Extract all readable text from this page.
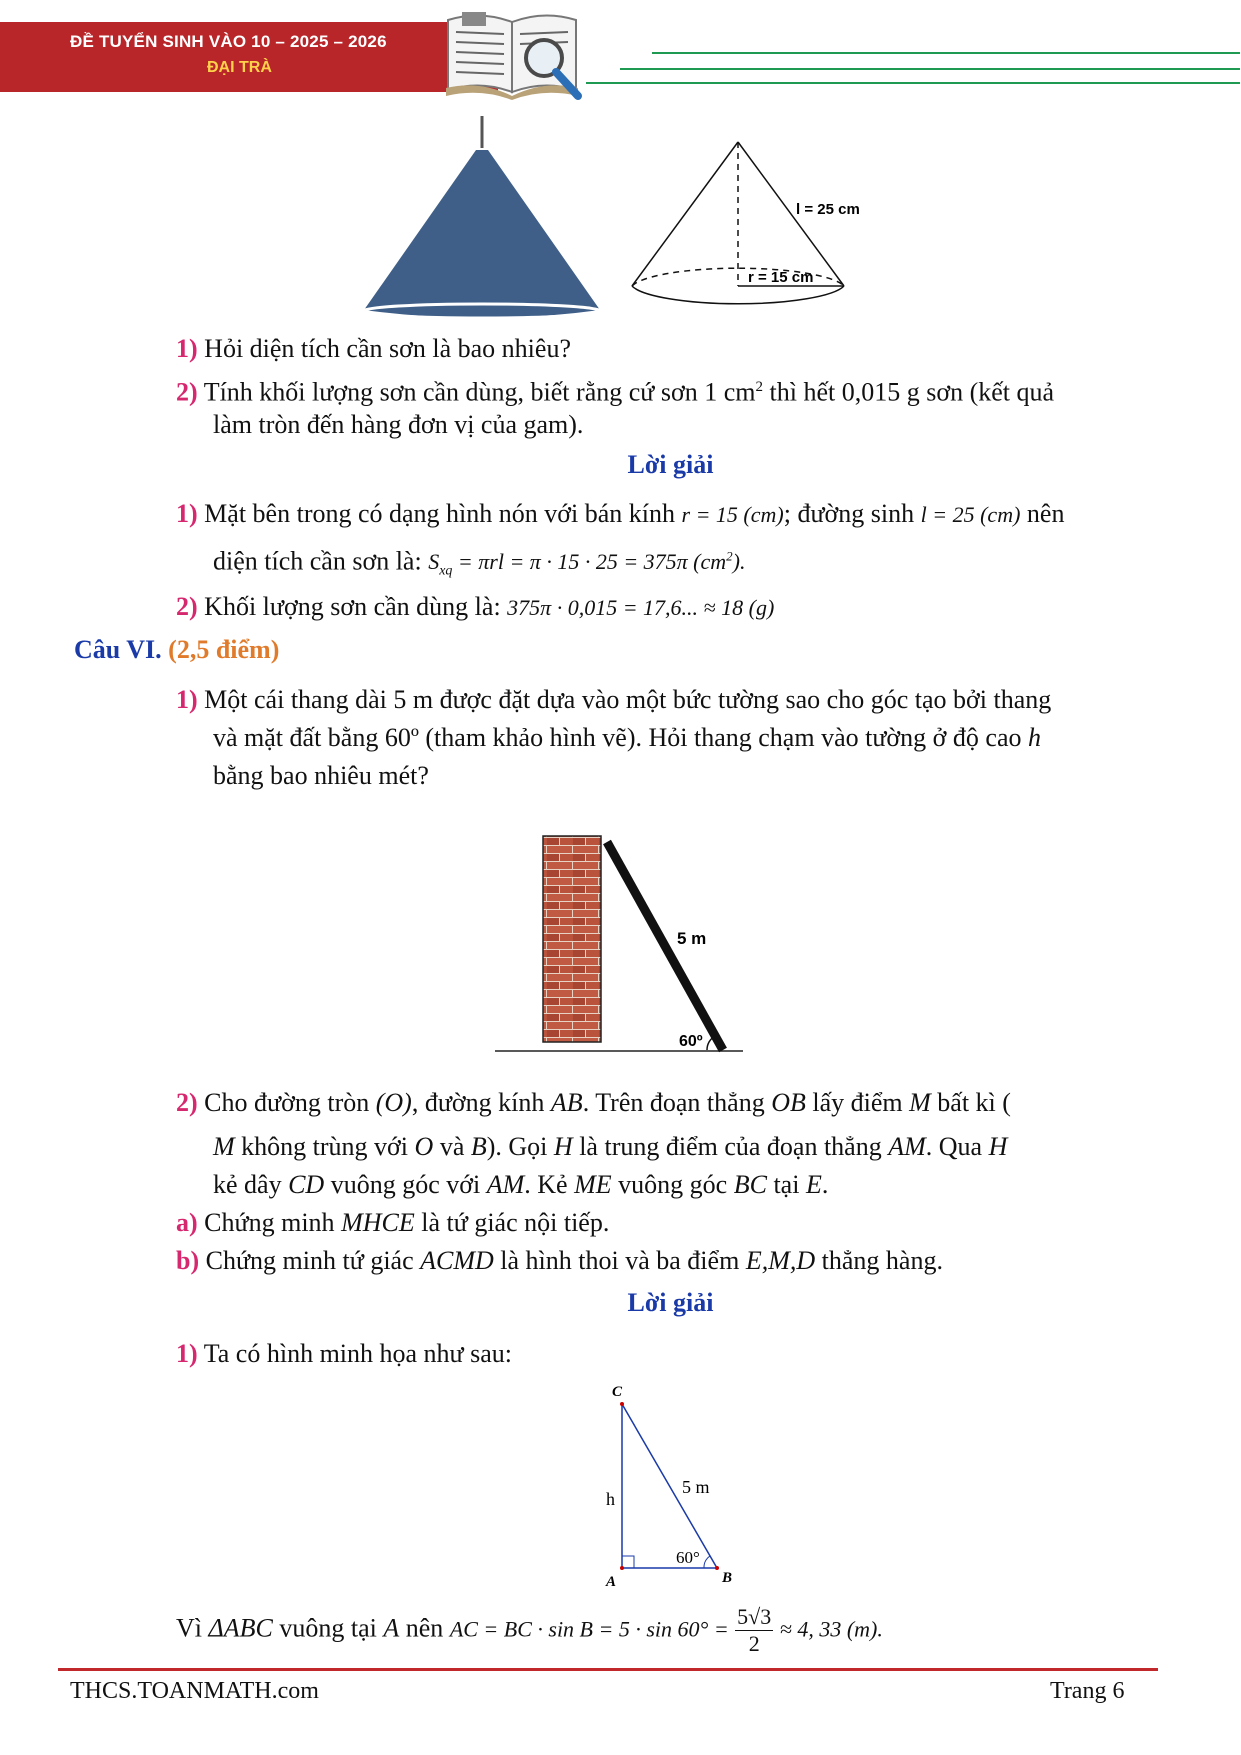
ĐỀ TUYỂN SINH VÀO 10 – 2025 – 2026
ĐẠI TRÀ
l = 25 cm
r = 15 cm
1) Hỏi diện tích cần sơn là bao nhiêu?
2) Tính khối lượng sơn cần dùng, biết rằng cứ sơn 1 $cm^2$ thì hết 0,015 g sơn (kết quả
làm tròn đến hàng đơn vị của gam).
Lời giải
1) Mặt bên trong có dạng hình nón với bán kính r = 15 (cm); đường sinh l = 25 (cm) nên
diện tích cần sơn là: $S_{xq} = \pi rl = \pi \cdot 15 \cdot 25 = 375\pi$ $(cm^2)$.
2) Khối lượng sơn cần dùng là: 375π · 0,015 = 17,6... ≈ 18 (g)
Câu VI. (2,5 điểm)
1) Một cái thang dài 5 m được đặt dựa vào một bức tường sao cho góc tạo bởi thang
và mặt đất bằng 60º (tham khảo hình vẽ). Hỏi thang chạm vào tường ở độ cao h
bằng bao nhiêu mét?
5 m
60º
2) Cho đường tròn (O), đường kính AB. Trên đoạn thẳng OB lấy điểm M bất kì (
M không trùng với O và B). Gọi H là trung điểm của đoạn thẳng AM. Qua H
kẻ dây CD vuông góc với AM. Kẻ ME vuông góc BC tại E.
a) Chứng minh MHCE là tứ giác nội tiếp.
b) Chứng minh tứ giác ACMD là hình thoi và ba điểm E,M,D thẳng hàng.
Lời giải
1) Ta có hình minh họa như sau:
C
A	B
h
5 m
60°
Vì ΔABC vuông tại A nên AC = BC · $\sin B = 5 \cdot \sin 60^\circ = \frac{5√3}{2} \approx 4$, 33 (m).
THCS.TOANMATH.com	Trang 6
